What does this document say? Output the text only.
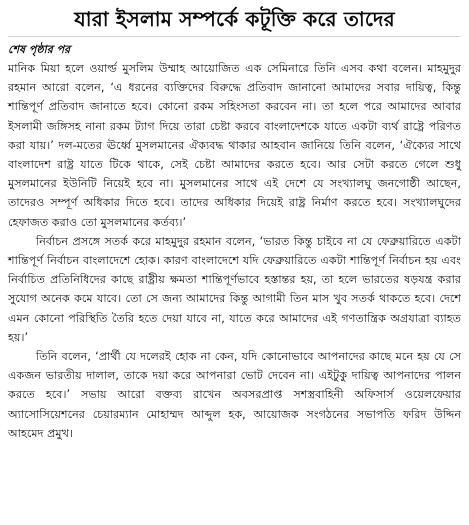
যারা ইসলাম সম্পর্কে কটূক্তি করে তাদের
শেষ পৃষ্ঠার পর

মানিক মিয়া হলে ওয়ার্ল্ড মুসলিম উম্মাহ আয়োজিত এক সেমিনারে তিনি এসব কথা বলেন। মাহমুদুর রহমান আরো বলেন, ‘এ ধরনের ব্যক্তিদের বিরুদ্ধে প্রতিবাদ জানানো আমাদের সবার দায়িত্ব, কিন্তু শান্তিপূর্ণ প্রতিবাদ জানাতে হবে। কোনো রকম সহিংসতা করবেন না। তা হলে পরে আমাদের আবার ইসলামী জঙ্গিসহ নানা রকম ট্যাগ দিয়ে তারা চেষ্টা করবে বাংলাদেশকে যাতে একটা ব্যর্থ রাষ্ট্রে পরিণত করা যায়।’ দল-মতের ঊর্ধ্বে মুসলমানের ঐক্যবদ্ধ থাকার আহবান জানিয়ে তিনি বলেন, ‘ঐক্যের সাথে বাংলাদেশ রাষ্ট্র যাতে টিকে থাকে, সেই চেষ্টা আমাদের করতে হবে। আর সেটা করতে গেলে শুধু মুসলমানের ইউনিটি নিয়েই হবে না। মুসলমানের সাথে এই দেশে যে সংখ্যালঘু জনগোষ্ঠী আছেন, তাদেরও সম্পূর্ণ অধিকার দিতে হবে। তাদের অধিকার দিয়েই রাষ্ট্র নির্মাণ করতে হবে। সংখ্যালঘুদের হেফাজত করাও তো মুসলমানের কর্তব্য।’

নির্বাচন প্রসঙ্গে সতর্ক করে মাহমুদুর রহমান বলেন, ‘ভারত কিন্তু চাইবে না যে ফেব্রুয়ারিতে একটা শান্তিপূর্ণ নির্বাচন বাংলাদেশে হোক। কারণ বাংলাদেশে যদি ফেব্রুয়ারিতে একটা শান্তিপূর্ণ নির্বাচন হয় এবং নির্বাচিত প্রতিনিধিদের কাছে রাষ্ট্রীয় ক্ষমতা শান্তিপূর্ণভাবে হস্তান্তর হয়, তা হলে ভারতের ষড়যন্ত্র করার সুযোগ অনেক কমে যাবে। তো সে জন্য আমাদের কিন্তু আগামী তিন মাস খুব সতর্ক থাকতে হবে। দেশে এমন কোনো পরিস্থিতি তৈরি হতে দেয়া যাবে না, যাতে করে আমাদের এই গণতান্ত্রিক অগ্রযাত্রা ব্যাহত হয়।’

তিনি বলেন, ‘প্রার্থী যে দলেরই হোক না কেন, যদি কোনোভাবে আপনাদের কাছে মনে হয় যে সে একজন ভারতীয় দালাল, তাকে দয়া করে আপনারা ভোট দেবেন না। এইটুকু দায়িত্ব আপনাদের পালন করতে হবে।’ সভায় আরো বক্তব্য রাখেন অবসরপ্রাপ্ত সশস্ত্রবাহিনী অফিসার্স ওয়েলফেয়ার অ্যাসোসিয়েশনের চেয়ারম্যান মোহাম্মদ আব্দুল হক, আয়োজক সংগঠনের সভাপতি ফরিদ উদ্দিন আহমেদ প্রমুখ।
